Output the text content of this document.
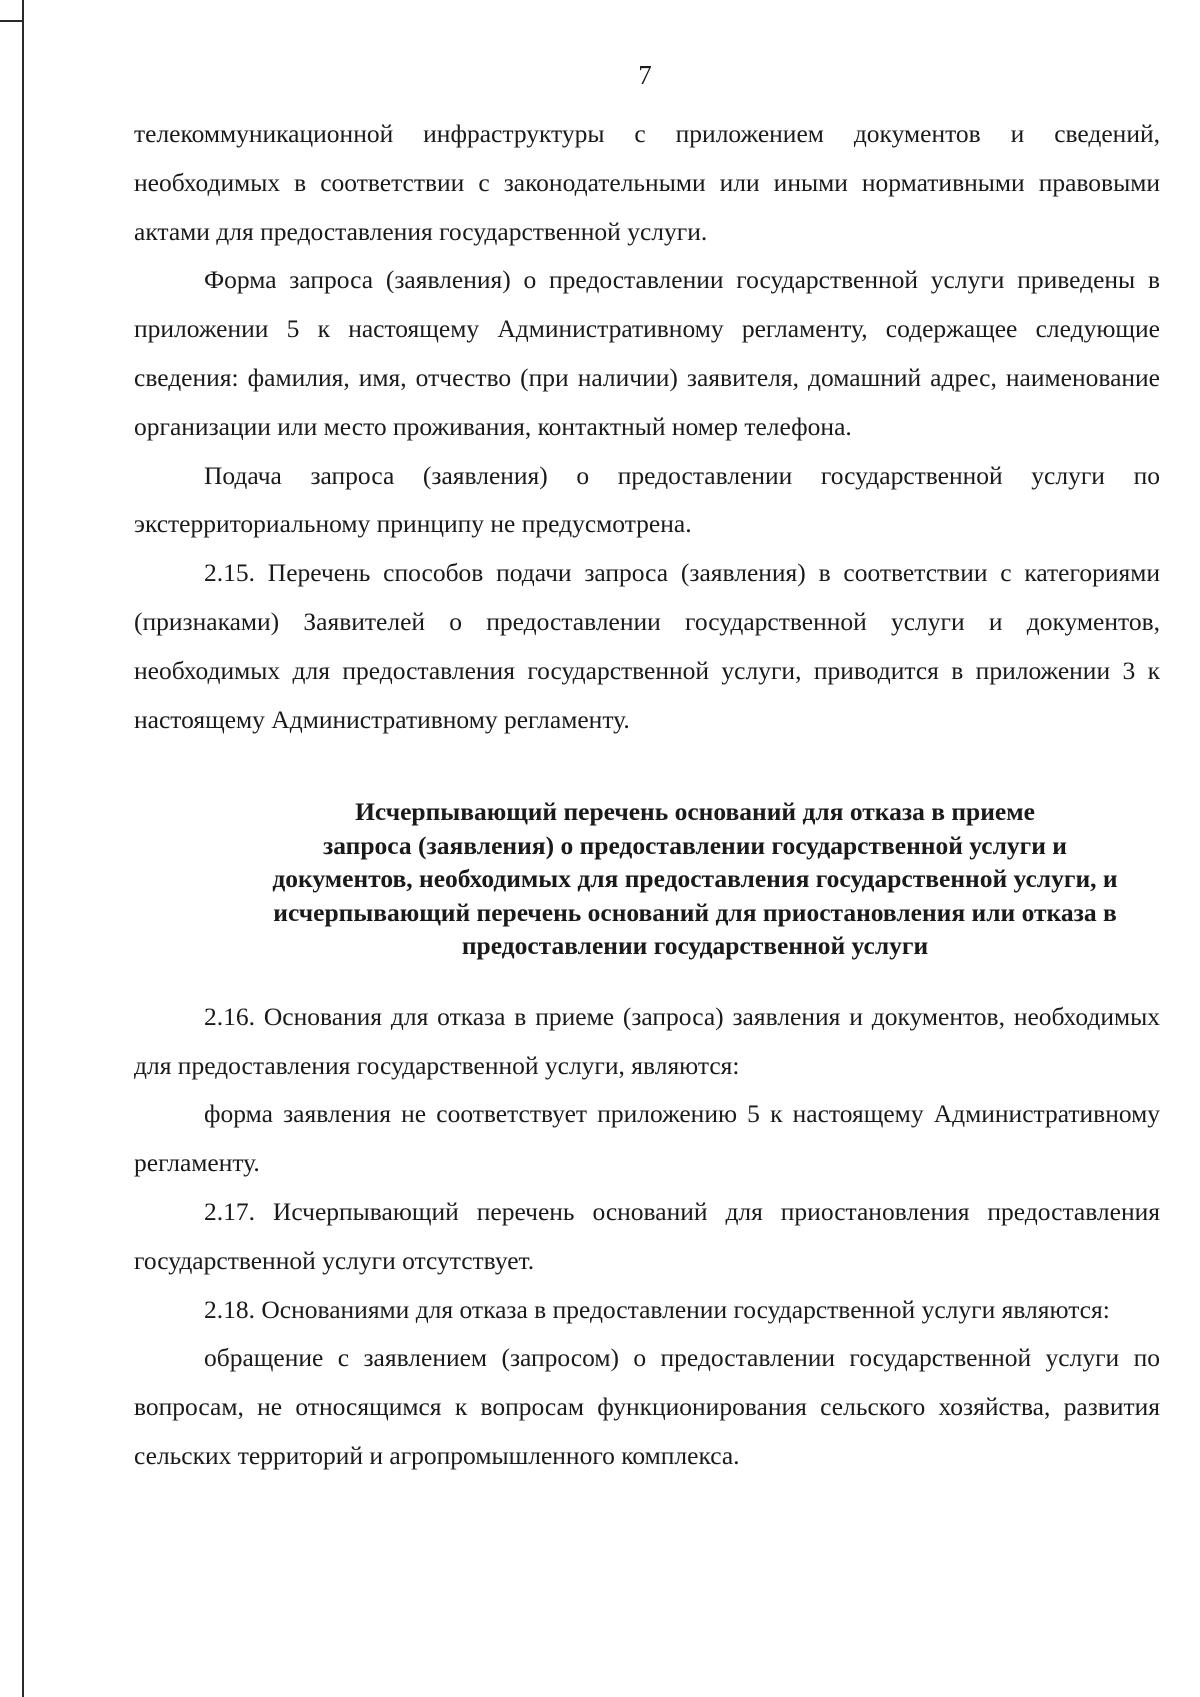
7

телекоммуникационной инфраструктуры с приложением документов и сведений, необходимых в соответствии с законодательными или иными нормативными правовыми актами для предоставления государственной услуги.

Форма запроса (заявления) о предоставлении государственной услуги приведены в приложении 5 к настоящему Административному регламенту, содержащее следующие сведения: фамилия, имя, отчество (при наличии) заявителя, домашний адрес, наименование организации или место проживания, контактный номер телефона.

Подача запроса (заявления) о предоставлении государственной услуги по экстерриториальному принципу не предусмотрена.

2.15. Перечень способов подачи запроса (заявления) в соответствии с категориями (признаками) Заявителей о предоставлении государственной услуги и документов, необходимых для предоставления государственной услуги, приводится в приложении 3 к настоящему Административному регламенту.

Исчерпывающий перечень оснований для отказа в приеме
запроса (заявления) о предоставлении государственной услуги и
документов, необходимых для предоставления государственной услуги, и
исчерпывающий перечень оснований для приостановления или отказа в
предоставлении государственной услуги

2.16. Основания для отказа в приеме (запроса) заявления и документов, необходимых для предоставления государственной услуги, являются:

форма заявления не соответствует приложению 5 к настоящему Административному регламенту.

2.17. Исчерпывающий перечень оснований для приостановления предоставления государственной услуги отсутствует.

2.18. Основаниями для отказа в предоставлении государственной услуги являются:

обращение с заявлением (запросом) о предоставлении государственной услуги по вопросам, не относящимся к вопросам функционирования сельского хозяйства, развития сельских территорий и агропромышленного комплекса.
